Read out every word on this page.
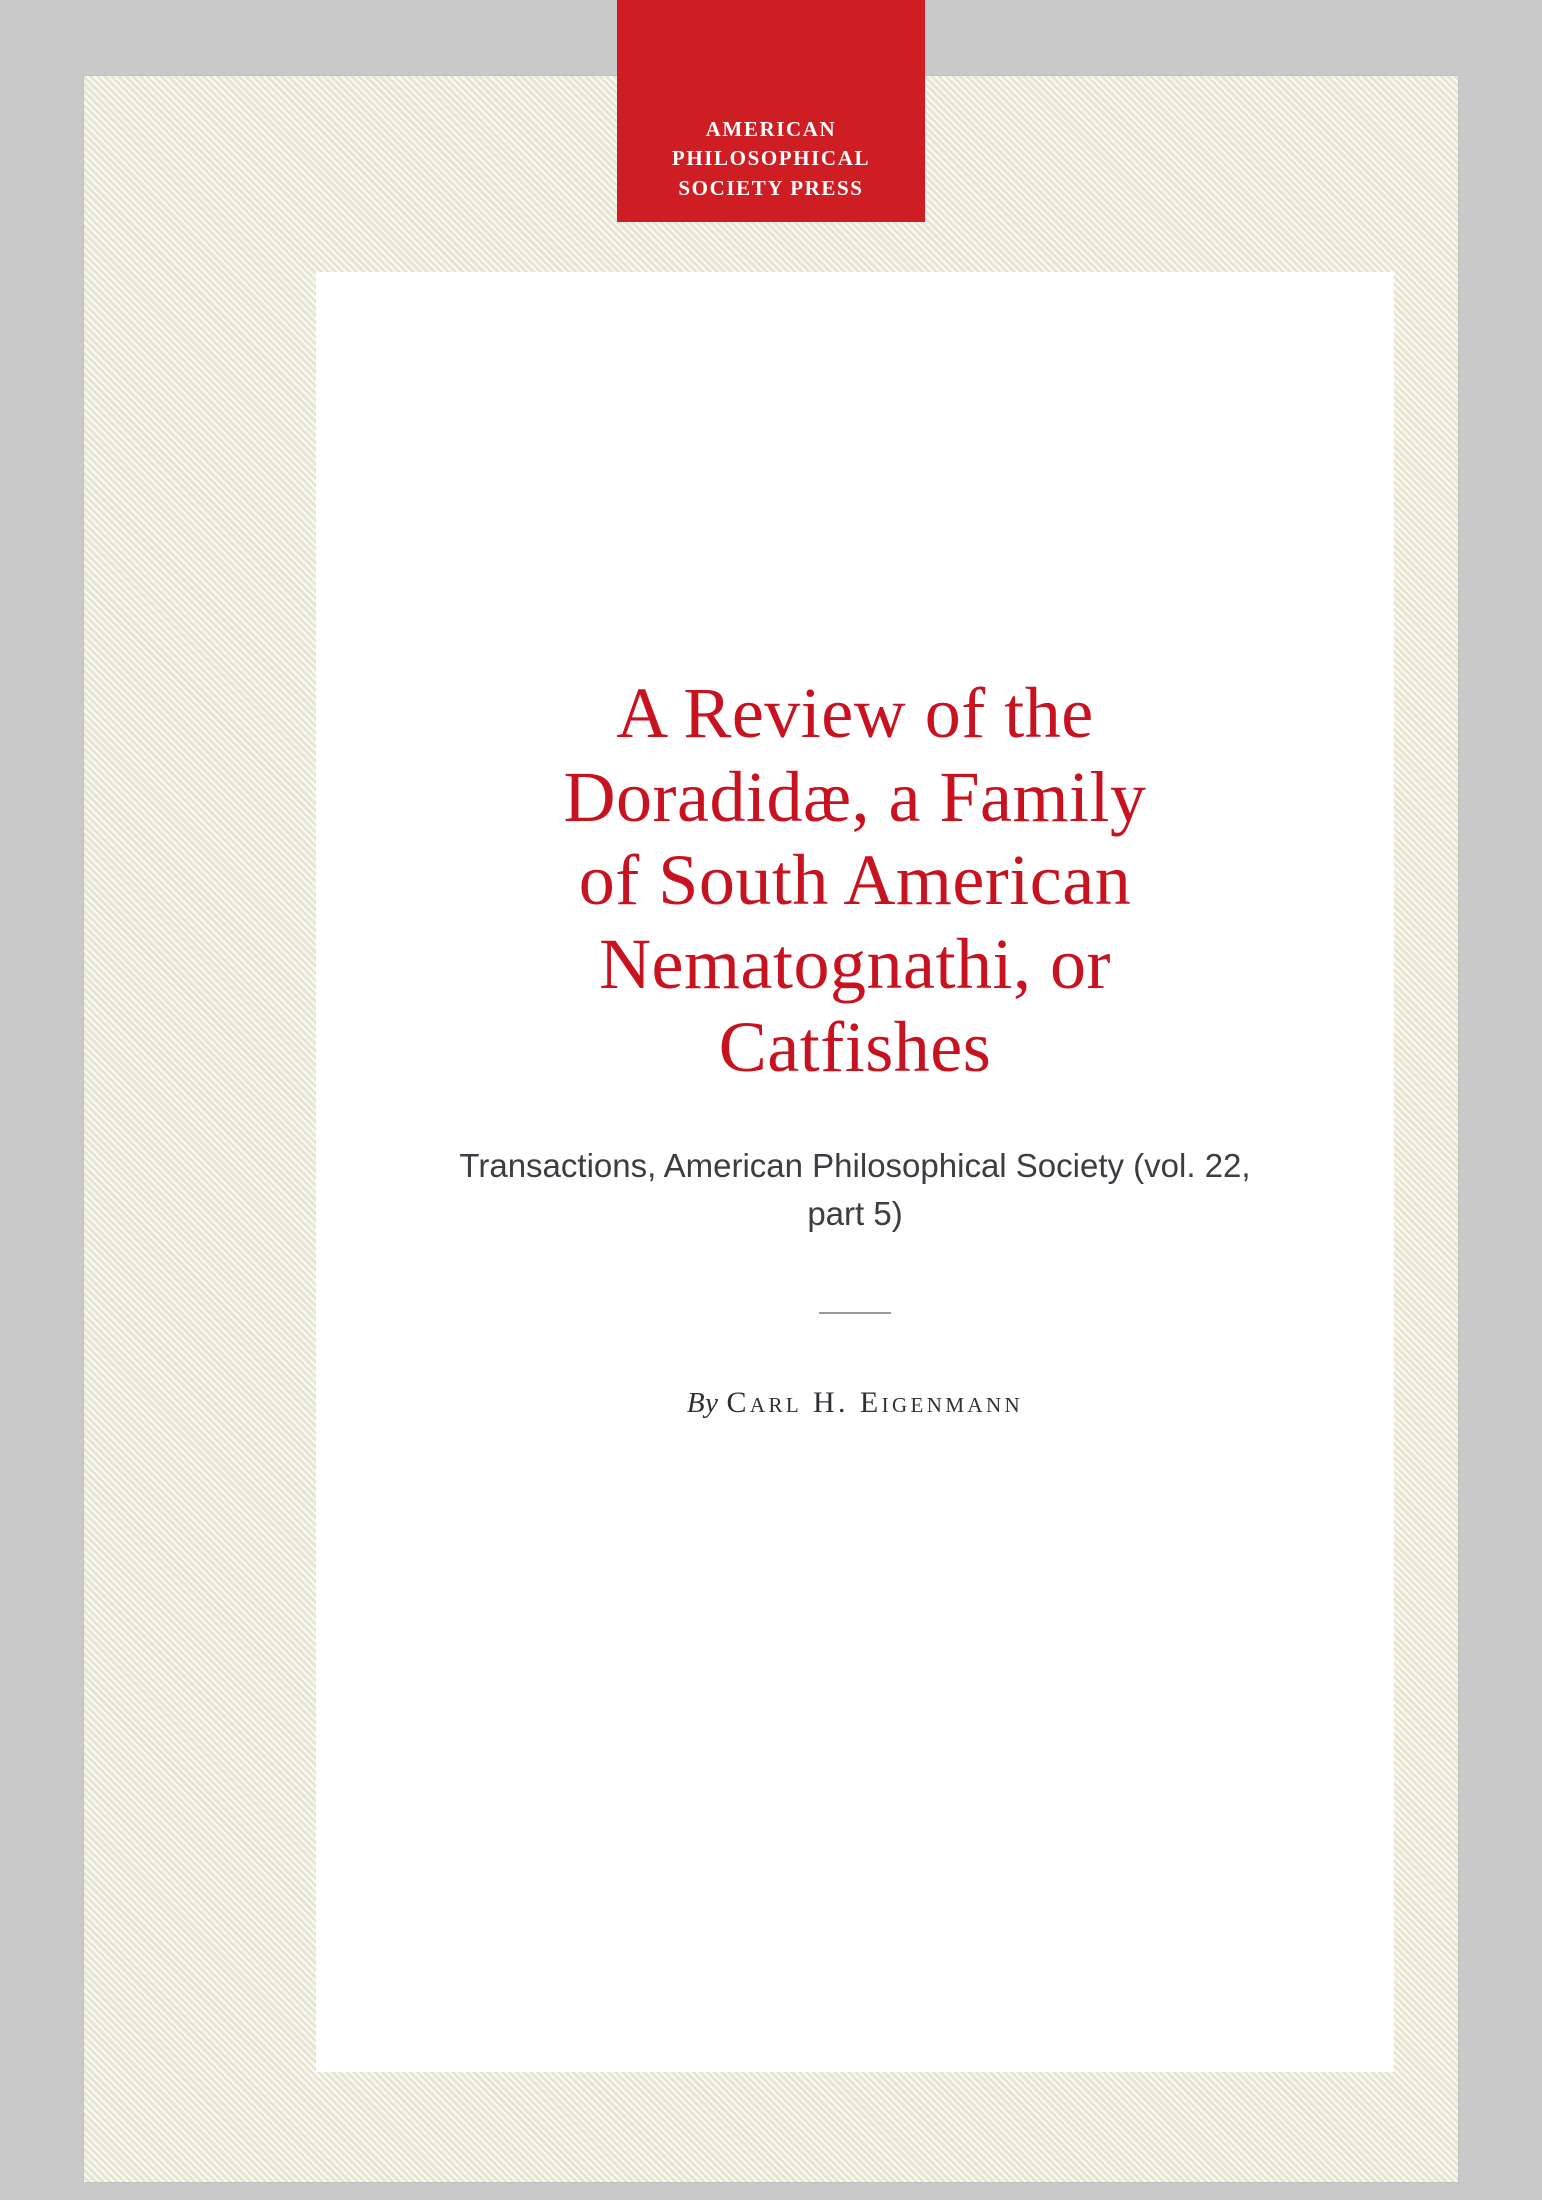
A Review of the Doradidæ, a Family of South American Nematognathi, or Catfishes
Transactions, American Philosophical Society (vol. 22, part 5)
By Carl H. Eigenmann
AMERICAN
PHILOSOPHICAL
SOCIETY PRESS
